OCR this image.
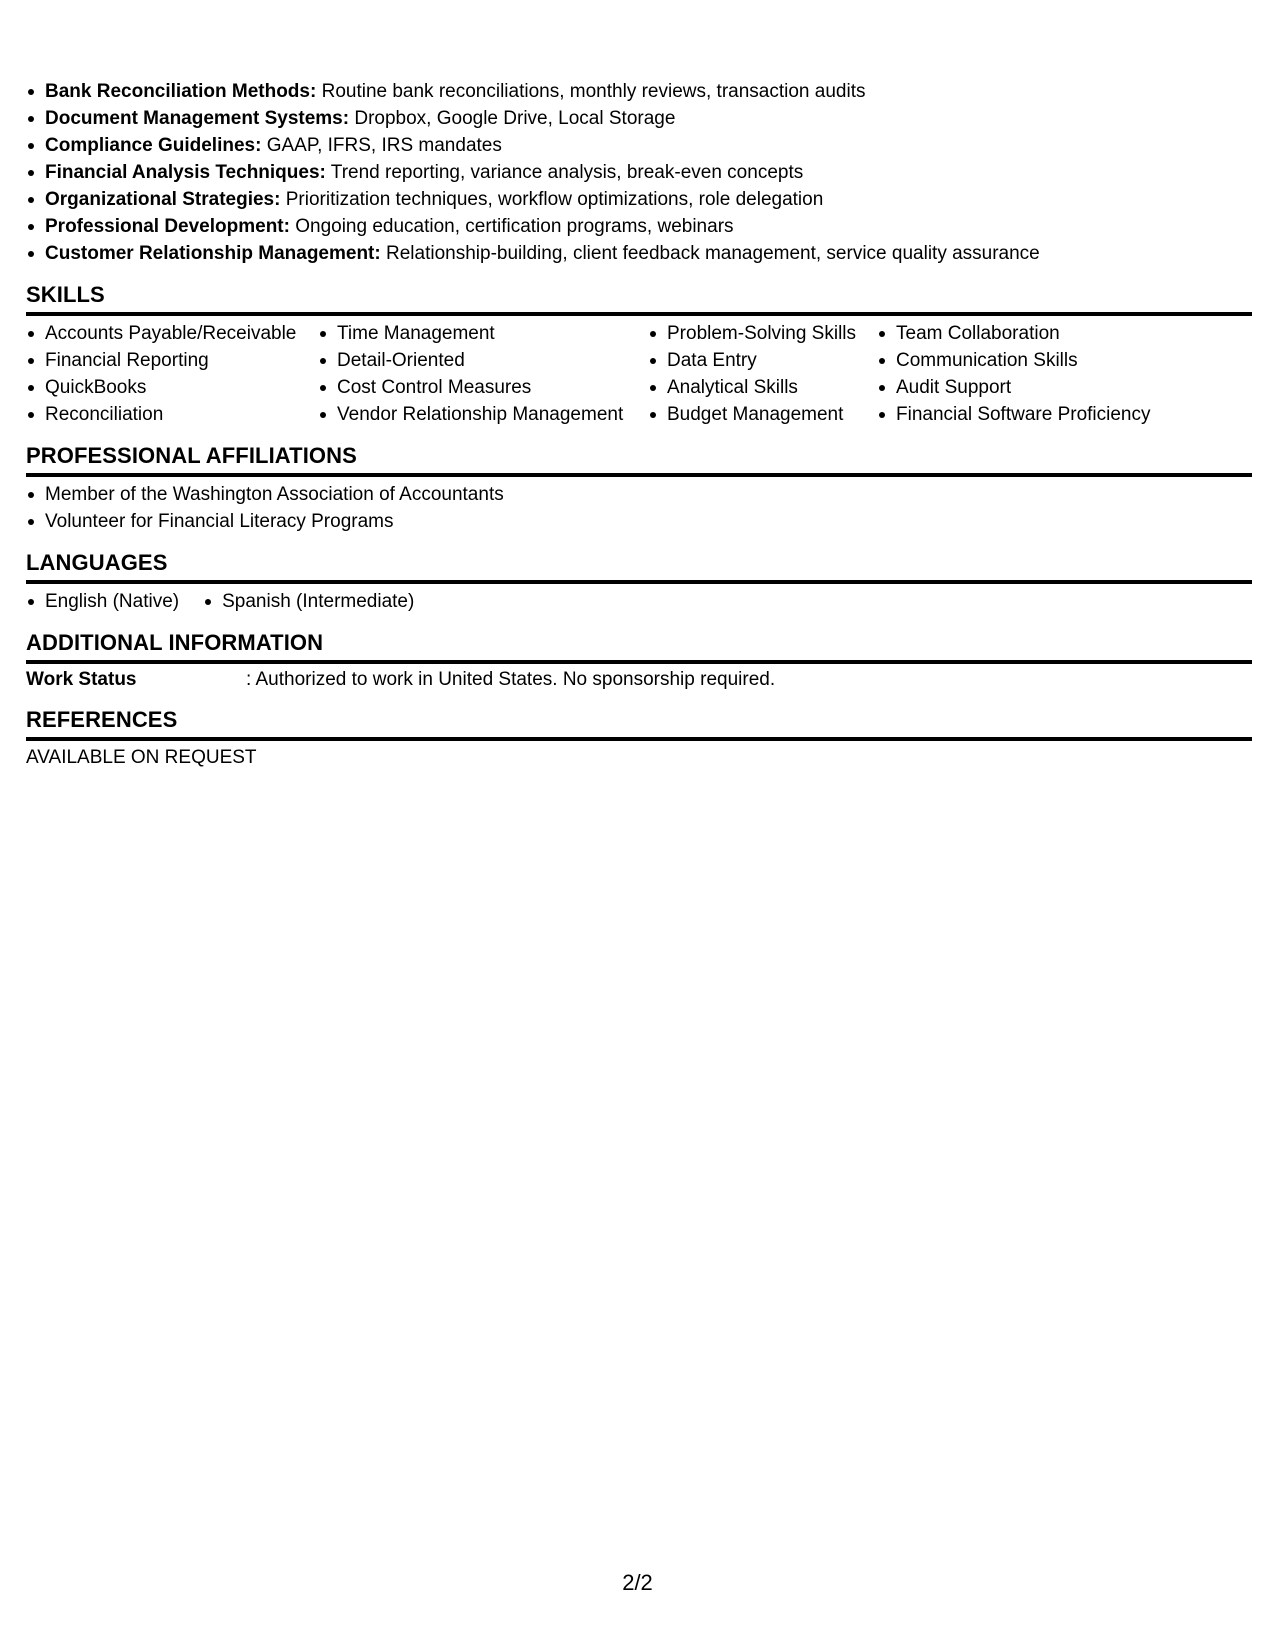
Bank Reconciliation Methods: Routine bank reconciliations, monthly reviews, transaction audits
Document Management Systems: Dropbox, Google Drive, Local Storage
Compliance Guidelines: GAAP, IFRS, IRS mandates
Financial Analysis Techniques: Trend reporting, variance analysis, break-even concepts
Organizational Strategies: Prioritization techniques, workflow optimizations, role delegation
Professional Development: Ongoing education, certification programs, webinars
Customer Relationship Management: Relationship-building, client feedback management, service quality assurance
SKILLS
Accounts Payable/Receivable
Financial Reporting
QuickBooks
Reconciliation
Time Management
Detail-Oriented
Cost Control Measures
Vendor Relationship Management
Problem-Solving Skills
Data Entry
Analytical Skills
Budget Management
Team Collaboration
Communication Skills
Audit Support
Financial Software Proficiency
PROFESSIONAL AFFILIATIONS
Member of the Washington Association of Accountants
Volunteer for Financial Literacy Programs
LANGUAGES
English (Native)	Spanish (Intermediate)
ADDITIONAL INFORMATION
Work Status	: Authorized to work in United States. No sponsorship required.
REFERENCES
AVAILABLE ON REQUEST
2/2
